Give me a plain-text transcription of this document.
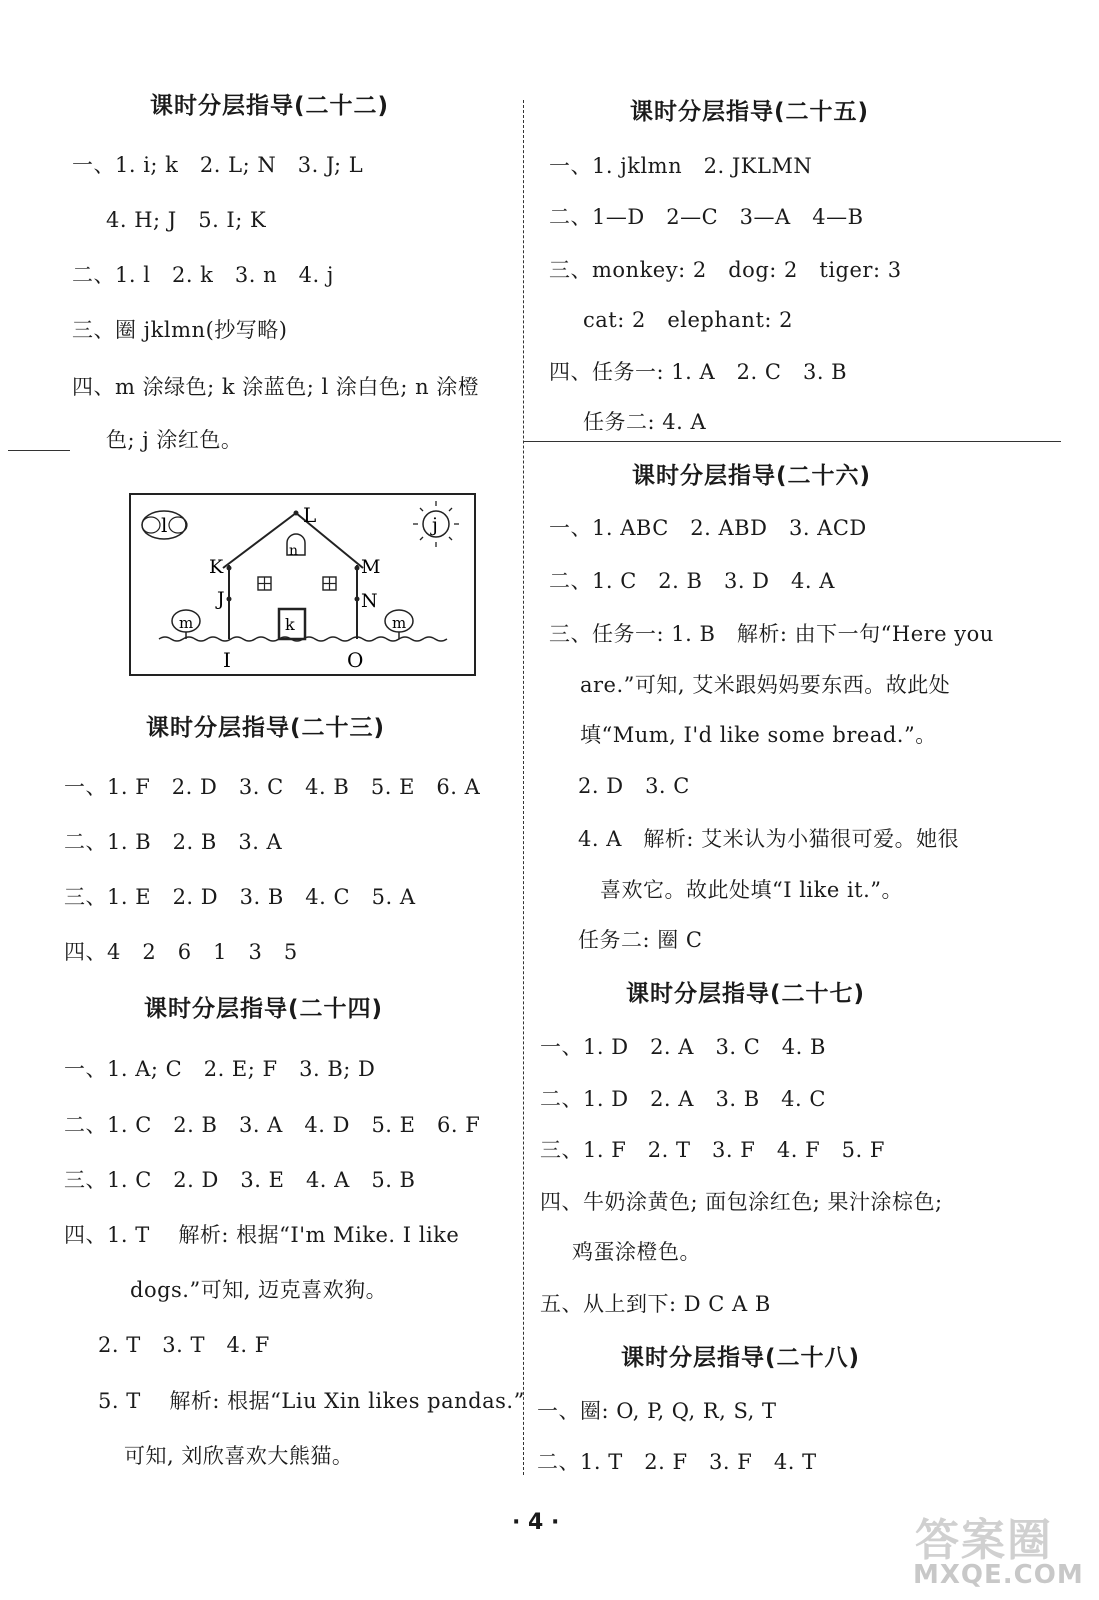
课时分层指导(二十二)
一、1. i; k   2. L; N   3. J; L
4. H; J   5. I; K
二、1. l   2. k   3. n   4. j
三、圈 jklmn(抄写略)
四、m 涂绿色; k 涂蓝色; l 涂白色; n 涂橙
色; j 涂红色。
l	j
n
k
L
K
J
M
N
m	m
I	O
课时分层指导(二十三)
一、1. F   2. D   3. C   4. B   5. E   6. A
二、1. B   2. B   3. A
三、1. E   2. D   3. B   4. C   5. A
四、4   2   6   1   3   5
课时分层指导(二十四)
一、1. A; C   2. E; F   3. B; D
二、1. C   2. B   3. A   4. D   5. E   6. F
三、1. C   2. D   3. E   4. A   5. B
四、1. T    解析: 根据“I'm Mike. I like
dogs.”可知, 迈克喜欢狗。
2. T   3. T   4. F
5. T    解析: 根据“Liu Xin likes pandas.”
可知, 刘欣喜欢大熊猫。
课时分层指导(二十五)
一、1. jklmn   2. JKLMN
二、1—D   2—C   3—A   4—B
三、monkey: 2   dog: 2   tiger: 3
cat: 2   elephant: 2
四、任务一: 1. A   2. C   3. B
任务二: 4. A
课时分层指导(二十六)
一、1. ABC   2. ABD   3. ACD
二、1. C   2. B   3. D   4. A
三、任务一: 1. B   解析: 由下一句“Here you
are.”可知, 艾米跟妈妈要东西。故此处
填“Mum, I'd like some bread.”。
2. D   3. C
4. A   解析: 艾米认为小猫很可爱。她很
喜欢它。故此处填“I like it.”。
任务二: 圈 C
课时分层指导(二十七)
一、1. D   2. A   3. C   4. B
二、1. D   2. A   3. B   4. C
三、1. F   2. T   3. F   4. F   5. F
四、牛奶涂黄色; 面包涂红色; 果汁涂棕色;
鸡蛋涂橙色。
五、从上到下: D C A B
课时分层指导(二十八)
一、圈: O, P, Q, R, S, T
二、1. T   2. F   3. F   4. T
· 4 ·	答案圈
MXQE.COM
